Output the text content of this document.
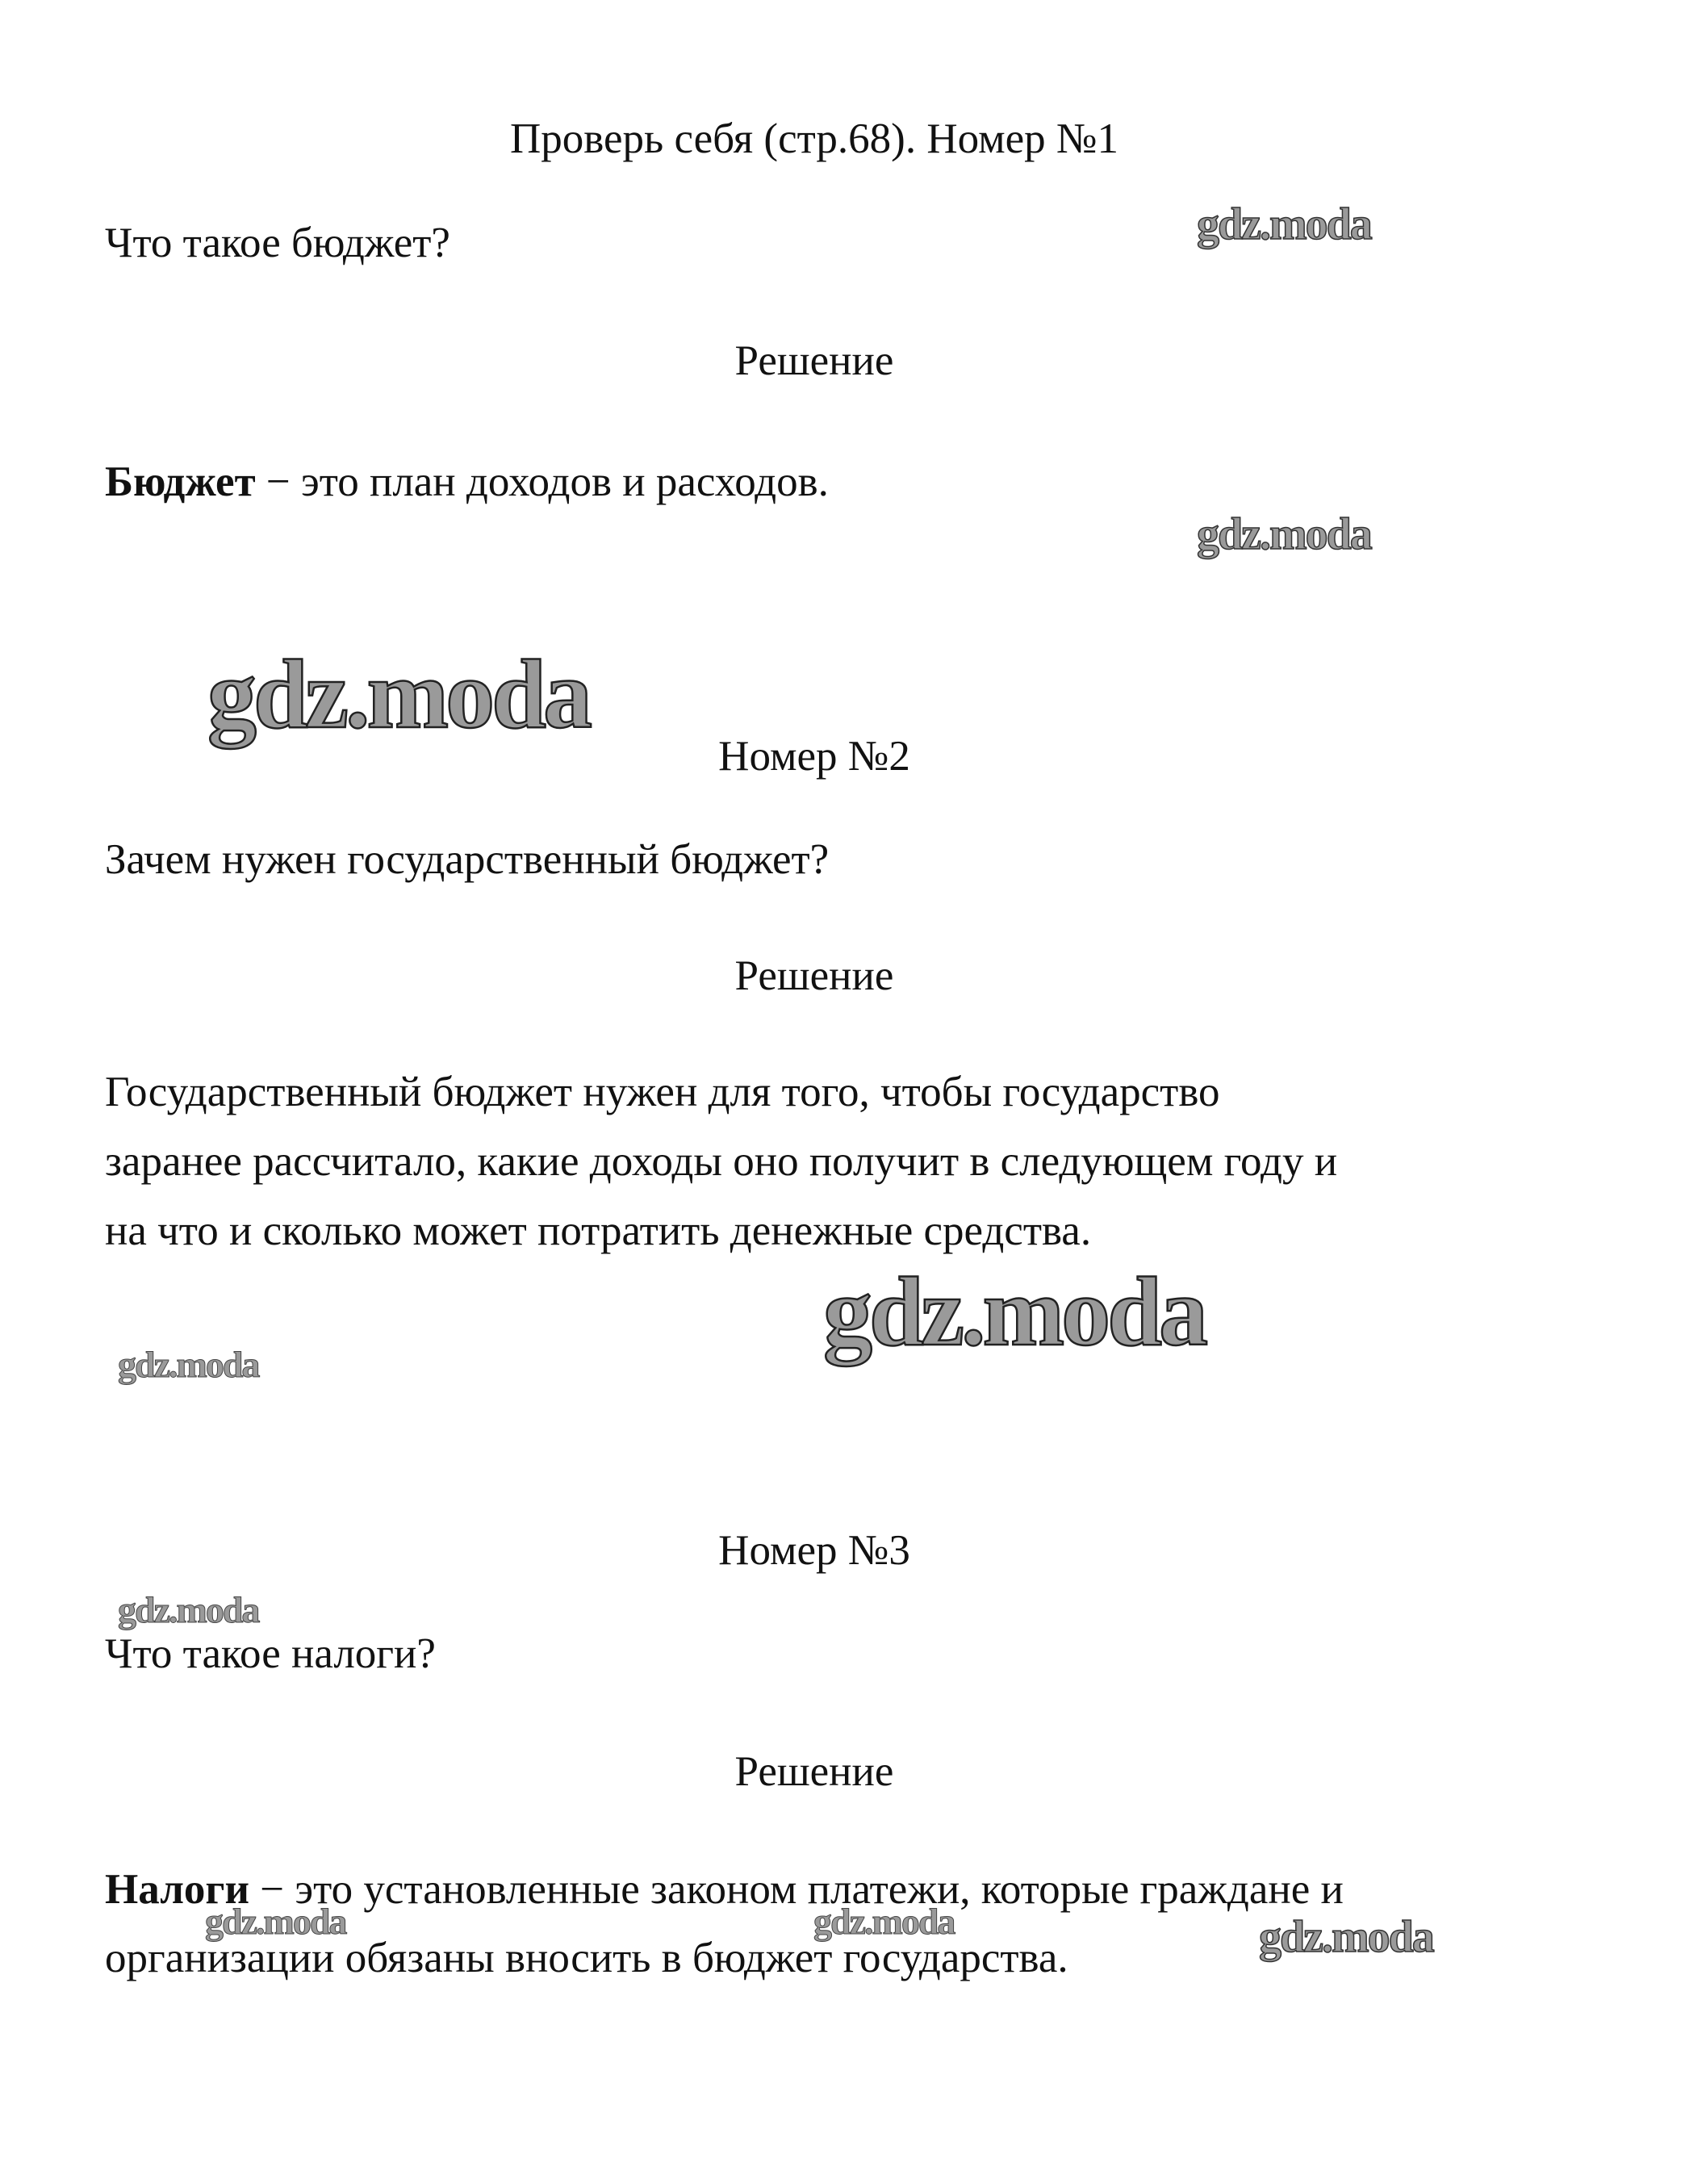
Проверь себя (стр.68). Номер №1
Что такое бюджет?
Решение
Бюджет − это план доходов и расходов.
Номер №2
Зачем нужен государственный бюджет?
Решение
Государственный бюджет нужен для того, чтобы государство
заранее рассчитало, какие доходы оно получит в следующем году и
на что и сколько может потратить денежные средства.
Номер №3
Что такое налоги?
Решение
Налоги − это установленные законом платежи, которые граждане и
организации обязаны вносить в бюджет государства.
gdz.moda
gdz.moda
gdz.moda
gdz.moda
gdz.moda
gdz.moda
gdz.moda	gdz.moda	gdz.moda
